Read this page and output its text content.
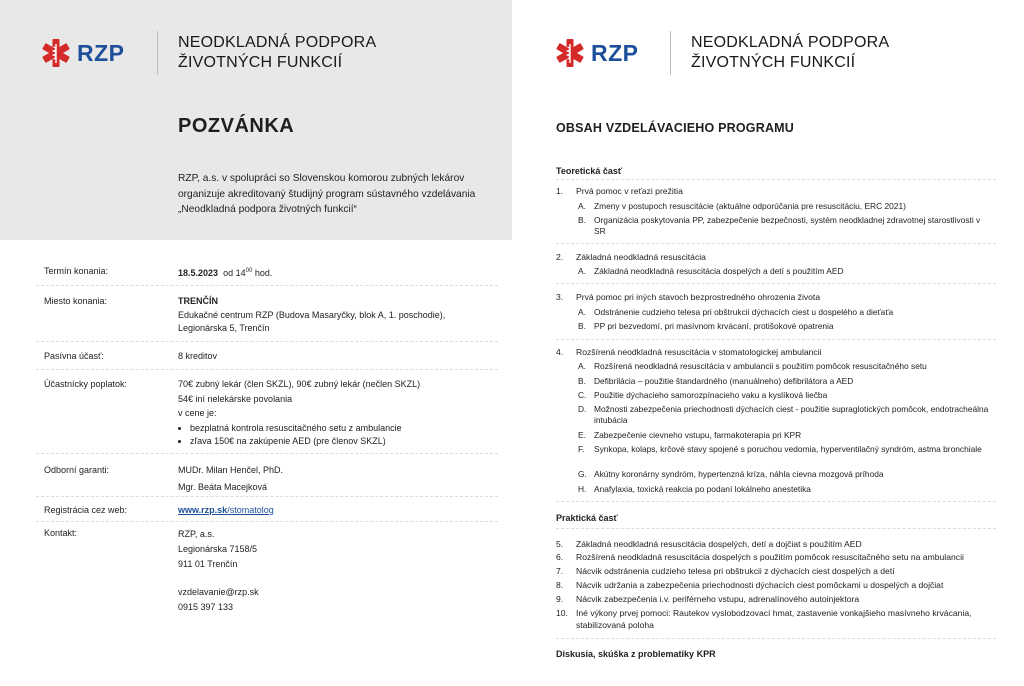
RZP	NEODKLADNÁ PODPORA
ŽIVOTNÝCH FUNKCIÍ
POZVÁNKA
RZP, a.s. v spolupráci so Slovenskou komorou zubných lekárov
organizuje akreditovaný študijný program sústavného vzdelávania
„Neodkladná podpora životných funkcií“
Termín konania:	18.5.2023 od $14^{00}$ hod.
Miesto konania:	TRENČÍN
Edukačné centrum RZP (Budova Masaryčky, blok A, 1. poschodie),
Legionárska 5, Trenčín
Pasívna účasť:	8 kreditov
Účastnícky poplatok:	70€ zubný lekár (člen SKZL), 90€ zubný lekár (nečlen SKZL)
54€ iní nelekárske povolania
v cene je:
• bezplatná kontrola resuscitačného setu z ambulancie
• zľava 150€ na zakúpenie AED (pre členov SKZL)
Odborní garanti:	MUDr. Milan Henčel, PhD.
Mgr. Beáta Macejková
Registrácia cez web:	www.rzp.sk/stomatolog
Kontakt:	RZP, a.s.
Legionárska 7158/5
911 01 Trenčín
vzdelavanie@rzp.sk
0915 397 133
RZP	NEODKLADNÁ PODPORA
ŽIVOTNÝCH FUNKCIÍ
OBSAH VZDELÁVACIEHO PROGRAMU
Teoretická časť
1. Prvá pomoc v reťazi prežitia
A. Zmeny v postupoch resuscitácie (aktuálne odporúčania pre resuscitáciu, ERC 2021)
B. Organizácia poskytovania PP, zabezpečenie bezpečnosti, systém neodkladnej zdravotnej starostlivosti v SR
2. Základná neodkladná resuscitácia
A. Základná neodkladná resuscitácia dospelých a detí s použitím AED
3. Prvá pomoc pri iných stavoch bezprostredného ohrozenia života
A. Odstránenie cudzieho telesa pri obštrukcii dýchacích ciest u dospelého a dieťaťa
B. PP pri bezvedomí, pri masívnom krvácaní, protišokové opatrenia
4. Rozšírená neodkladná resuscitácia v stomatologickej ambulancii
A. Rozšírená neodkladná resuscitácia v ambulancii s použitím pomôcok resuscitačného setu
B. Defibrilácia – použitie štandardného (manuálneho) defibrilátora a AED
C. Použitie dýchacieho samorozpínacieho vaku a kyslíková liečba
D. Možnosti zabezpečenia priechodnosti dýchacích ciest - použitie supraglotických pomôcok, endotracheálna intubácia
E. Zabezpečenie cievneho vstupu, farmakoterapia pri KPR
F. Synkopa, kolaps, krčové stavy spojené s poruchou vedomia, hyperventilačný syndróm, astma bronchiale
G. Akútny koronárny syndróm, hypertenzná kríza, náhla cievna mozgová príhoda
H. Anafylaxia, toxická reakcia po podaní lokálneho anestetika
Praktická časť
5. Základná neodkladná resuscitácia dospelých, detí a dojčiat s použitím AED
6. Rozšírená neodkladná resuscitácia dospelých s použitím pomôcok resuscitačného setu na ambulancii
7. Nácvik odstránenia cudzieho telesa pri obštrukcii z dýchacích ciest dospelých a detí
8. Nácvik udržania a zabezpečenia priechodnosti dýchacích ciest pomôckami u dospelých a dojčiat
9. Nácvik zabezpečenia i.v. periférneho vstupu, adrenalínového autoinjektora
10. Iné výkony prvej pomoci: Rautekov vyslobodzovací hmat, zastavenie vonkajšieho masívneho krvácania, stabilizovaná poloha
Diskusia, skúška z problematiky KPR
